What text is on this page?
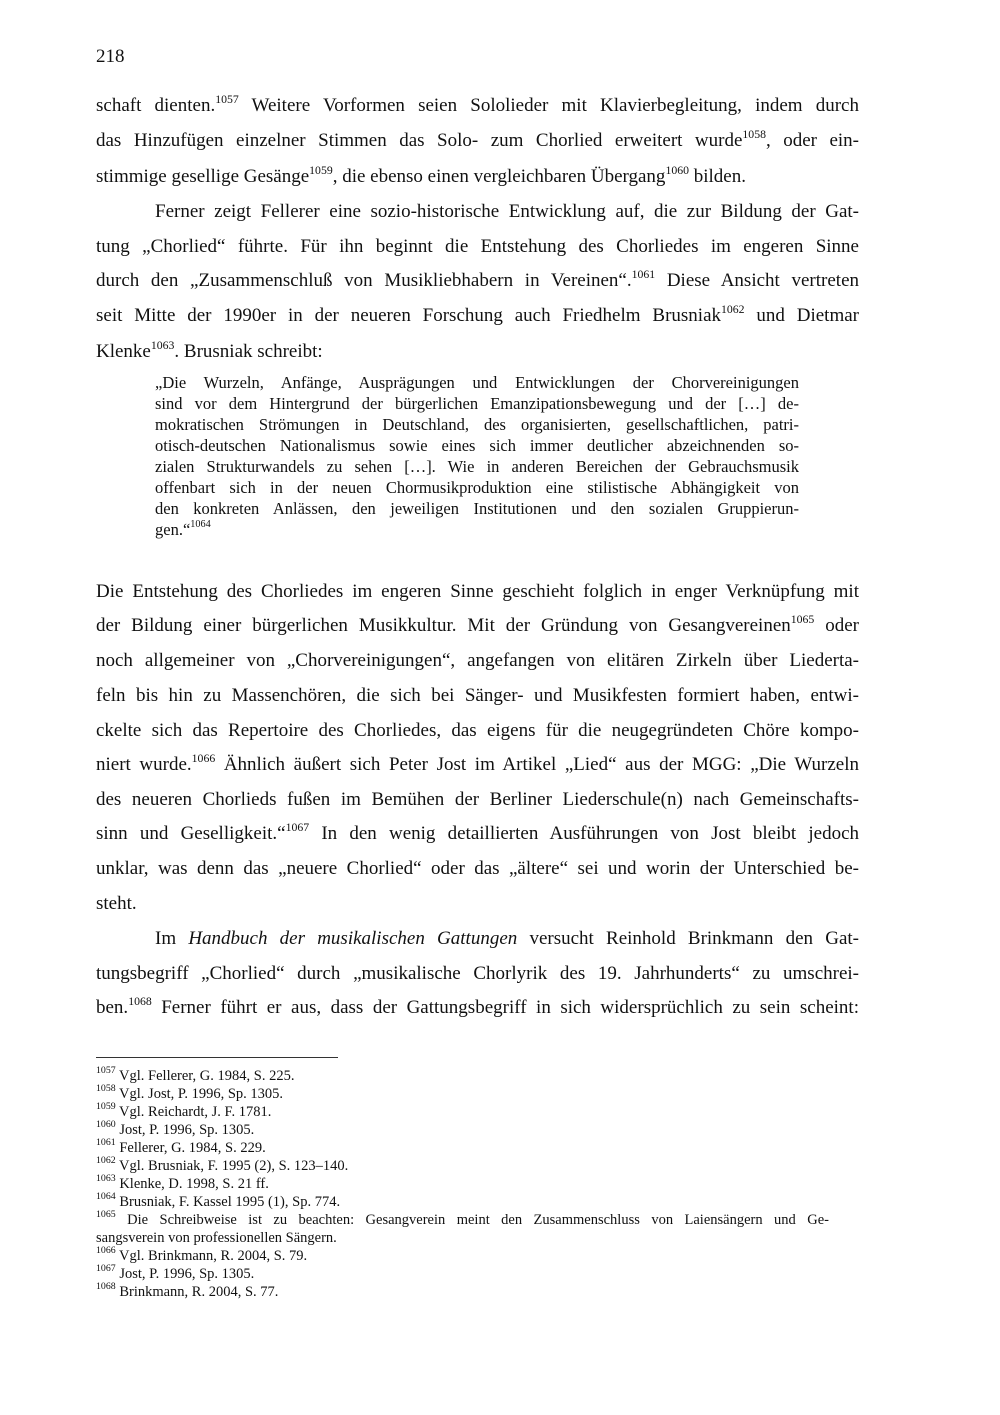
218

schaft dienten.$^{1057}$ Weitere Vorformen seien Sololieder mit Klavierbegleitung, indem durch
das Hinzufügen einzelner Stimmen das Solo- zum Chorlied erweitert wurde$^{1058}$, oder ein-
stimmige gesellige Gesänge$^{1059}$, die ebenso einen vergleichbaren Übergang$^{1060}$ bilden.
Ferner zeigt Fellerer eine sozio-historische Entwicklung auf, die zur Bildung der Gat-
tung „Chorlied“ führte. Für ihn beginnt die Entstehung des Chorliedes im engeren Sinne
durch den „Zusammenschluß von Musikliebhabern in Vereinen“.$^{1061}$ Diese Ansicht vertreten
seit Mitte der 1990er in der neueren Forschung auch Friedhelm Brusniak$^{1062}$ und Dietmar
Klenke$^{1063}$. Brusniak schreibt:
„Die Wurzeln, Anfänge, Ausprägungen und Entwicklungen der Chorvereinigungen
sind vor dem Hintergrund der bürgerlichen Emanzipationsbewegung und der […] de-
mokratischen Strömungen in Deutschland, des organisierten, gesellschaftlichen, patri-
otisch-deutschen Nationalismus sowie eines sich immer deutlicher abzeichnenden so-
zialen Strukturwandels zu sehen […]. Wie in anderen Bereichen der Gebrauchsmusik
offenbart sich in der neuen Chormusikproduktion eine stilistische Abhängigkeit von
den konkreten Anlässen, den jeweiligen Institutionen und den sozialen Gruppierun-
gen.“$^{1064}$
Die Entstehung des Chorliedes im engeren Sinne geschieht folglich in enger Verknüpfung mit
der Bildung einer bürgerlichen Musikkultur. Mit der Gründung von Gesangvereinen$^{1065}$ oder
noch allgemeiner von „Chorvereinigungen“, angefangen von elitären Zirkeln über Liederta-
feln bis hin zu Massenchören, die sich bei Sänger- und Musikfesten formiert haben, entwi-
ckelte sich das Repertoire des Chorliedes, das eigens für die neugegründeten Chöre kompo-
niert wurde.$^{1066}$ Ähnlich äußert sich Peter Jost im Artikel „Lied“ aus der MGG: „Die Wurzeln
des neueren Chorlieds fußen im Bemühen der Berliner Liederschule(n) nach Gemeinschafts-
sinn und Geselligkeit.“$^{1067}$ In den wenig detaillierten Ausführungen von Jost bleibt jedoch
unklar, was denn das „neuere Chorlied“ oder das „ältere“ sei und worin der Unterschied be-
steht.
Im Handbuch der musikalischen Gattungen versucht Reinhold Brinkmann den Gat-
tungsbegriff „Chorlied“ durch „musikalische Chorlyrik des 19. Jahrhunderts“ zu umschrei-
ben.$^{1068}$ Ferner führt er aus, dass der Gattungsbegriff in sich widersprüchlich zu sein scheint:
$^{1057}$ Vgl. Fellerer, G. 1984, S. 225.
$^{1058}$ Vgl. Jost, P. 1996, Sp. 1305.
$^{1059}$ Vgl. Reichardt, J. F. 1781.
$^{1060}$ Jost, P. 1996, Sp. 1305.
$^{1061}$ Fellerer, G. 1984, S. 229.
$^{1062}$ Vgl. Brusniak, F. 1995 (2), S. 123–140.
$^{1063}$ Klenke, D. 1998, S. 21 ff.
$^{1064}$ Brusniak, F. Kassel 1995 (1), Sp. 774.
$^{1065}$ Die Schreibweise ist zu beachten: Gesangverein meint den Zusammenschluss von Laiensängern und Ge-
sangsverein von professionellen Sängern.
$^{1066}$ Vgl. Brinkmann, R. 2004, S. 79.
$^{1067}$ Jost, P. 1996, Sp. 1305.
$^{1068}$ Brinkmann, R. 2004, S. 77.
